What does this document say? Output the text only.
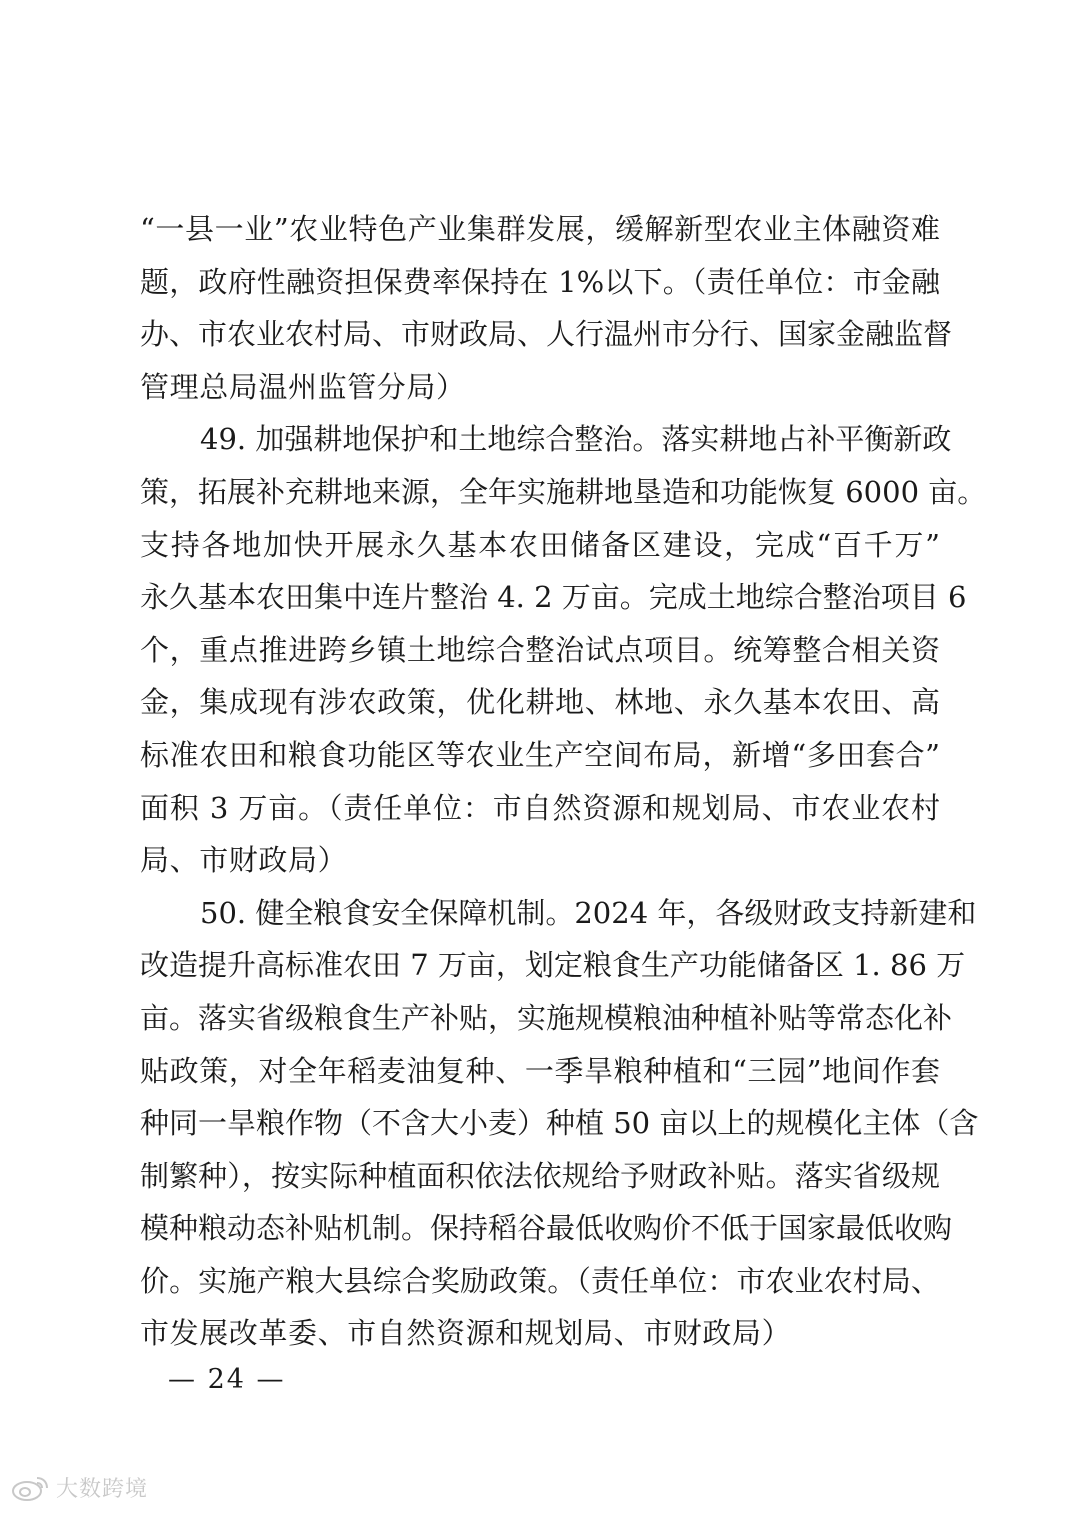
“一县一业”农业特色产业集群发展，缓解新型农业主体融资难
题，政府性融资担保费率保持在 1%以下。（责任单位：市金融
办、市农业农村局、市财政局、人行温州市分行、国家金融监督
管理总局温州监管分局）
49. 加强耕地保护和土地综合整治。落实耕地占补平衡新政
策，拓展补充耕地来源，全年实施耕地垦造和功能恢复 6000 亩。
支持各地加快开展永久基本农田储备区建设，完成“百千万”
永久基本农田集中连片整治 4. 2 万亩。完成土地综合整治项目 6
个，重点推进跨乡镇土地综合整治试点项目。统筹整合相关资
金，集成现有涉农政策，优化耕地、林地、永久基本农田、高
标准农田和粮食功能区等农业生产空间布局，新增“多田套合”
面积 3 万亩。（责任单位：市自然资源和规划局、市农业农村
局、市财政局）
50. 健全粮食安全保障机制。2024 年，各级财政支持新建和
改造提升高标准农田 7 万亩，划定粮食生产功能储备区 1. 86 万
亩。落实省级粮食生产补贴，实施规模粮油种植补贴等常态化补
贴政策，对全年稻麦油复种、一季旱粮种植和“三园”地间作套
种同一旱粮作物（不含大小麦）种植 50 亩以上的规模化主体（含
制繁种），按实际种植面积依法依规给予财政补贴。落实省级规
模种粮动态补贴机制。保持稻谷最低收购价不低于国家最低收购
价。实施产粮大县综合奖励政策。（责任单位：市农业农村局、
市发展改革委、市自然资源和规划局、市财政局）
— 24 —
大数跨境
